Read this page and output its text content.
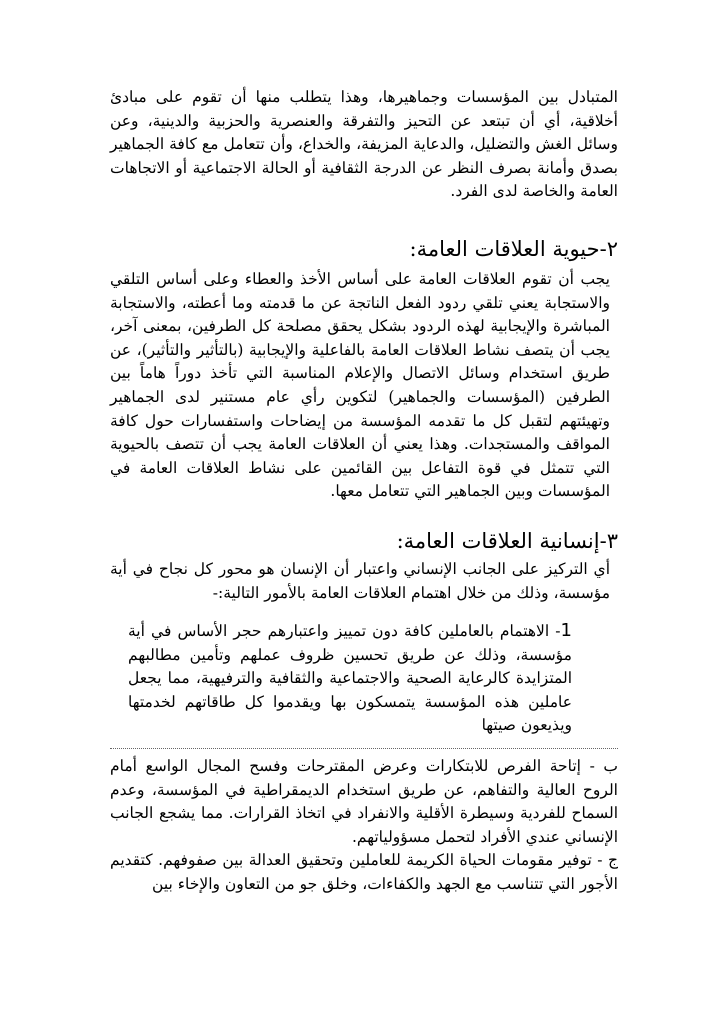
المتبادل بين المؤسسات وجماهيرها، وهذا يتطلب منها أن تقوم على مبادئ أخلاقية، أي أن تبتعد عن التحيز والتفرقة والعنصرية والحزبية والدينية، وعن وسائل الغش والتضليل، والدعاية المزيفة، والخداع، وأن تتعامل مع كافة الجماهير بصدق وأمانة بصرف النظر عن الدرجة الثقافية أو الحالة الاجتماعية أو الاتجاهات العامة والخاصة لدى الفرد.

٢-حيوية العلاقات العامة:

يجب أن تقوم العلاقات العامة على أساس الأخذ والعطاء وعلى أساس التلقي والاستجابة يعني تلقي ردود الفعل الناتجة عن ما قدمته وما أعطته، والاستجابة المباشرة والإيجابية لهذه الردود بشكل يحقق مصلحة كل الطرفين، بمعنى آخر، يجب أن يتصف نشاط العلاقات العامة بالفاعلية والإيجابية (بالتأثير والتأثير)، عن طريق استخدام وسائل الاتصال والإعلام المناسبة التي تأخذ دوراً هاماً بين الطرفين (المؤسسات والجماهير) لتكوين رأي عام مستنير لدى الجماهير وتهيئتهم لتقبل كل ما تقدمه المؤسسة من إيضاحات واستفسارات حول كافة المواقف والمستجدات. وهذا يعني أن العلاقات العامة يجب أن تتصف بالحيوية التي تتمثل في قوة التفاعل بين القائمين على نشاط العلاقات العامة في المؤسسات وبين الجماهير التي تتعامل معها.

٣-إنسانية العلاقات العامة:

أي التركيز على الجانب الإنساني واعتبار أن الإنسان هو محور كل نجاح في أية مؤسسة، وذلك من خلال اهتمام العلاقات العامة بالأمور التالية:-

1- الاهتمام بالعاملين كافة دون تمييز واعتبارهم حجر الأساس في أية مؤسسة، وذلك عن طريق تحسين ظروف عملهم وتأمين مطالبهم المتزايدة كالرعاية الصحية والاجتماعية والثقافية والترفيهية، مما يجعل عاملين هذه المؤسسة يتمسكون بها ويقدموا كل طاقاتهم لخدمتها ويذيعون صيتها

ب - إتاحة الفرص للابتكارات وعرض المقترحات وفسح المجال الواسع أمام الروح العالية والتفاهم، عن طريق استخدام الديمقراطية في المؤسسة، وعدم السماح للفردية وسيطرة الأقلية والانفراد في اتخاذ القرارات. مما يشجع الجانب الإنساني عندي الأفراد لتحمل مسؤولياتهم.

ج - توفير مقومات الحياة الكريمة للعاملين وتحقيق العدالة بين صفوفهم. كتقديم الأجور التي تتناسب مع الجهد والكفاءات، وخلق جو من التعاون والإخاء بين
